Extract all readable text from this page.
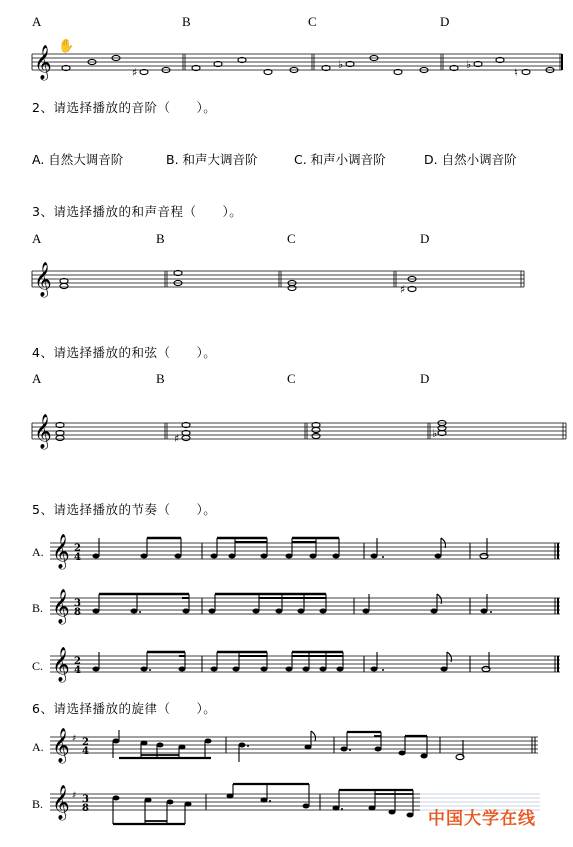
A	B	C	D
𝄞 ✋
♯
♭	♭
♮
2、请选择播放的音阶（　　）。
A. 自然大调音阶	B. 和声大调音阶	C. 和声小调音阶	D. 自然小调音阶
3、请选择播放的和声音程（　　）。
A	B	C	D
𝄞	♯
4、请选择播放的和弦（　　）。
A	B	C	D
𝄞	♯	♭
5、请选择播放的节奏（　　）。
A.
B.
C.
𝄞 2
4
𝄞 3
8
𝄞 2
4
6、请选择播放的旋律（　　）。
A.
B.
𝄞 ♯ 2
4
𝄞 ♯ 3
8
中国大学在线
